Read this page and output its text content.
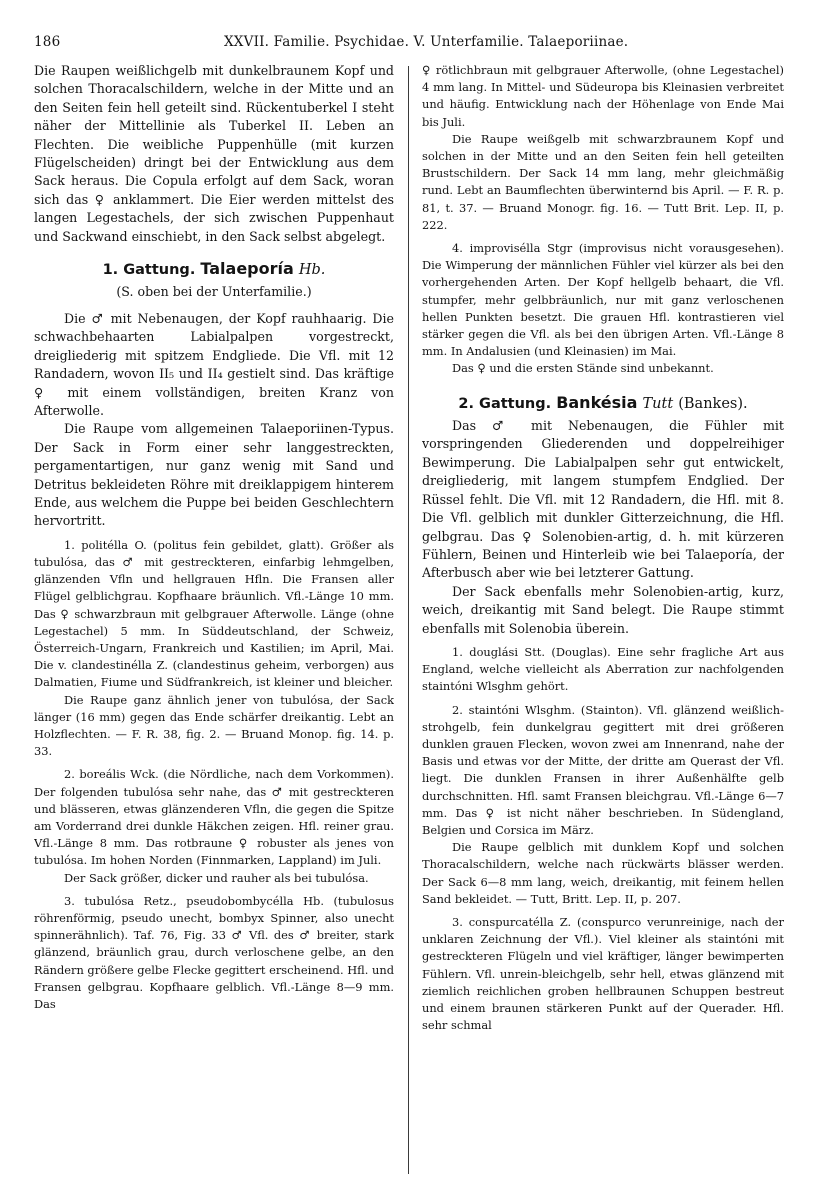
186	XXVII. Familie. Psychidae. V. Unterfamilie. Talaeporiinae.

Die Raupen weißlichgelb mit dunkelbraunem Kopf und solchen Thoracalschildern, welche in der Mitte und an den Seiten fein hell geteilt sind. Rückentuberkel I steht näher der Mittellinie als Tuberkel II. Leben an Flechten. Die weibliche Puppenhülle (mit kurzen Flügelscheiden) dringt bei der Entwicklung aus dem Sack heraus. Die Copula erfolgt auf dem Sack, woran sich das ♀ anklammert. Die Eier werden mittelst des langen Legestachels, der sich zwischen Puppenhaut und Sackwand einschiebt, in den Sack selbst abgelegt.

1. Gattung. Talaeporía Hb.

(S. oben bei der Unterfamilie.)

Die ♂ mit Nebenaugen, der Kopf rauhhaarig. Die schwachbehaarten Labialpalpen vorgestreckt, dreigliederig mit spitzem Endgliede. Die Vfl. mit 12 Randadern, wovon II₅ und II₄ gestielt sind. Das kräftige ♀ mit einem vollständigen, breiten Kranz von Afterwolle.

Die Raupe vom allgemeinen Talaeporiinen-Typus. Der Sack in Form einer sehr langgestreckten, pergamentartigen, nur ganz wenig mit Sand und Detritus bekleideten Röhre mit dreiklappigem hinterem Ende, aus welchem die Puppe bei beiden Geschlechtern hervortritt.

1. politélla O. (politus fein gebildet, glatt). Größer als tubulósa, das ♂ mit gestreckteren, einfarbig lehmgelben, glänzenden Vfln und hellgrauen Hfln. Die Fransen aller Flügel gelblichgrau. Kopfhaare bräunlich. Vfl.-Länge 10 mm. Das ♀ schwarzbraun mit gelbgrauer Afterwolle. Länge (ohne Legestachel) 5 mm. In Süddeutschland, der Schweiz, Österreich-Ungarn, Frankreich und Kastilien; im April, Mai. Die v. clandestinélla Z. (clandestinus geheim, verborgen) aus Dalmatien, Fiume und Südfrankreich, ist kleiner und bleicher.

Die Raupe ganz ähnlich jener von tubulósa, der Sack länger (16 mm) gegen das Ende schärfer dreikantig. Lebt an Holzflechten. — F. R. 38, fig. 2. — Bruand Monop. fig. 14. p. 33.

2. boreális Wck. (die Nördliche, nach dem Vorkommen). Der folgenden tubulósa sehr nahe, das ♂ mit gestreckteren und blässeren, etwas glänzenderen Vfln, die gegen die Spitze am Vorderrand drei dunkle Häkchen zeigen. Hfl. reiner grau. Vfl.-Länge 8 mm. Das rotbraune ♀ robuster als jenes von tubulósa. Im hohen Norden (Finnmarken, Lappland) im Juli.

Der Sack größer, dicker und rauher als bei tubulósa.

3. tubulósa Retz., pseudobombycélla Hb. (tubulosus röhrenförmig, pseudo unecht, bombyx Spinner, also unecht spinnerähnlich). Taf. 76, Fig. 33 ♂ Vfl. des ♂ breiter, stark glänzend, bräunlich grau, durch verloschene gelbe, an den Rändern größere gelbe Flecke gegittert erscheinend. Hfl. und Fransen gelbgrau. Kopfhaare gelblich. Vfl.-Länge 8—9 mm. Das

♀ rötlichbraun mit gelbgrauer Afterwolle, (ohne Legestachel) 4 mm lang. In Mittel- und Südeuropa bis Kleinasien verbreitet und häufig. Entwicklung nach der Höhenlage von Ende Mai bis Juli.

Die Raupe weißgelb mit schwarzbraunem Kopf und solchen in der Mitte und an den Seiten fein hell geteilten Brustschildern. Der Sack 14 mm lang, mehr gleichmäßig rund. Lebt an Baumflechten überwinternd bis April. — F. R. p. 81, t. 37. — Bruand Monogr. fig. 16. — Tutt Brit. Lep. II, p. 222.

4. improvisélla Stgr (improvisus nicht vorausgesehen). Die Wimperung der männlichen Fühler viel kürzer als bei den vorhergehenden Arten. Der Kopf hellgelb behaart, die Vfl. stumpfer, mehr gelbbräunlich, nur mit ganz verloschenen hellen Punkten besetzt. Die grauen Hfl. kontrastieren viel stärker gegen die Vfl. als bei den übrigen Arten. Vfl.-Länge 8 mm. In Andalusien (und Kleinasien) im Mai.

Das ♀ und die ersten Stände sind unbekannt.

2. Gattung. Bankésia Tutt (Bankes).

Das ♂ mit Nebenaugen, die Fühler mit vorspringenden Gliederenden und doppelreihiger Bewimperung. Die Labialpalpen sehr gut entwickelt, dreigliederig, mit langem stumpfem Endglied. Der Rüssel fehlt. Die Vfl. mit 12 Randadern, die Hfl. mit 8. Die Vfl. gelblich mit dunkler Gitterzeichnung, die Hfl. gelbgrau. Das ♀ Solenobien-artig, d. h. mit kürzeren Fühlern, Beinen und Hinterleib wie bei Talaeporía, der Afterbusch aber wie bei letzterer Gattung.

Der Sack ebenfalls mehr Solenobien-artig, kurz, weich, dreikantig mit Sand belegt. Die Raupe stimmt ebenfalls mit Solenobia überein.

1. douglási Stt. (Douglas). Eine sehr fragliche Art aus England, welche vielleicht als Aberration zur nachfolgenden staintóni Wlsghm gehört.

2. staintóni Wlsghm. (Stainton). Vfl. glänzend weißlich-strohgelb, fein dunkelgrau gegittert mit drei größeren dunklen grauen Flecken, wovon zwei am Innenrand, nahe der Basis und etwas vor der Mitte, der dritte am Querast der Vfl. liegt. Die dunklen Fransen in ihrer Außenhälfte gelb durchschnitten. Hfl. samt Fransen bleichgrau. Vfl.-Länge 6—7 mm. Das ♀ ist nicht näher beschrieben. In Südengland, Belgien und Corsica im März.

Die Raupe gelblich mit dunklem Kopf und solchen Thoracalschildern, welche nach rückwärts blässer werden. Der Sack 6—8 mm lang, weich, dreikantig, mit feinem hellen Sand bekleidet. — Tutt, Britt. Lep. II, p. 207.

3. conspurcatélla Z. (conspurco verunreinige, nach der unklaren Zeichnung der Vfl.). Viel kleiner als staintóni mit gestreckteren Flügeln und viel kräftiger, länger bewimperten Fühlern. Vfl. unrein-bleichgelb, sehr hell, etwas glänzend mit ziemlich reichlichen groben hellbraunen Schuppen bestreut und einem braunen stärkeren Punkt auf der Querader. Hfl. sehr schmal
